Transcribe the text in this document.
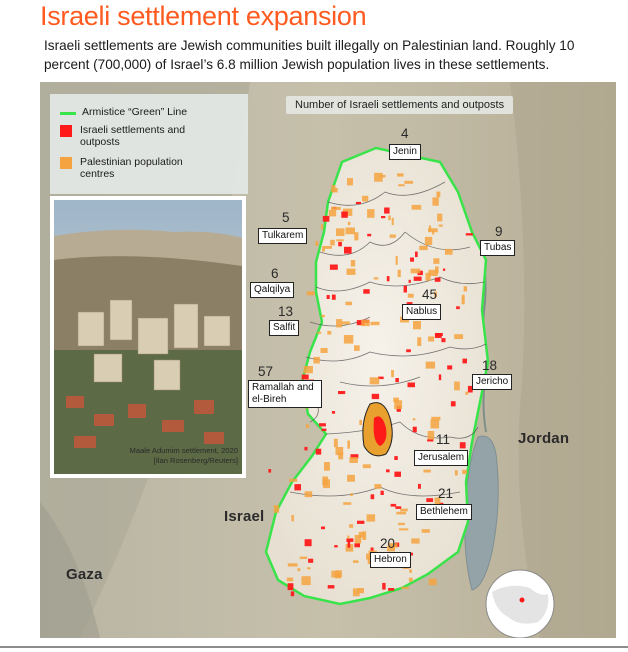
Israeli settlement expansion
Israeli settlements are Jewish communities built illegally on Palestinian land. Roughly 10 percent (700,000) of Israel’s 6.8 million Jewish population lives in these settlements.
Armistice “Green” Line
Israeli settlements and outposts
Palestinian population centres
Maale Adumim settlement, 2020
[Ilan Rosenberg/Reuters]
Number of Israeli settlements and outposts
4
Jenin
5
Tulkarem	9
Tubas
6
Qalqilya	45
Nablus
13
Salfit
57
Ramallah and el-Bireh
18
Jericho
11
Jerusalem
21
Bethlehem
20
Hebron
Israel
Jordan
Gaza
